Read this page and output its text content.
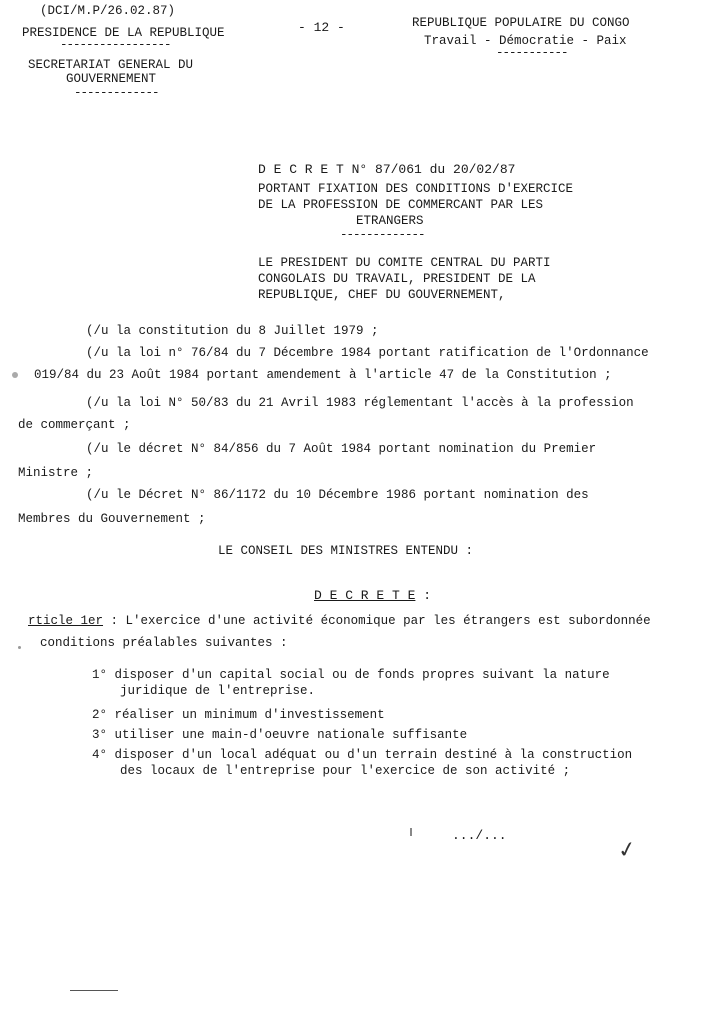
(DCI/M.P/26.02.87)
PRESIDENCE DE LA REPUBLIQUE
-----------------
SECRETARIAT GENERAL DU
GOUVERNEMENT
-------------
- 12 -	REPUBLIQUE POPULAIRE DU CONGO
Travail - Démocratie - Paix
-----------
D E C R E T N° 87/061 du 20/02/87
PORTANT FIXATION DES CONDITIONS D'EXERCICE
DE LA PROFESSION DE COMMERCANT PAR LES
ETRANGERS
-------------
LE PRESIDENT DU COMITE CENTRAL DU PARTI
CONGOLAIS DU TRAVAIL, PRESIDENT DE LA
REPUBLIQUE, CHEF DU GOUVERNEMENT,
(/u la constitution du 8 Juillet 1979 ;
(/u la loi n° 76/84 du 7 Décembre 1984 portant ratification de l'Ordonnance
019/84 du 23 Août 1984 portant amendement à l'article 47 de la Constitution ;
(/u la loi N° 50/83 du 21 Avril 1983 réglementant l'accès à la profession
de commerçant ;
(/u le décret N° 84/856 du 7 Août 1984 portant nomination du Premier
Ministre ;
(/u le Décret N° 86/1172 du 10 Décembre 1986 portant nomination des
Membres du Gouvernement ;
LE CONSEIL DES MINISTRES ENTENDU :
D E C R E T E :
rticle 1er : L'exercice d'une activité économique par les étrangers est subordonnée
conditions préalables suivantes :
1° disposer d'un capital social ou de fonds propres suivant la nature
juridique de l'entreprise.
2° réaliser un minimum d'investissement
3° utiliser une main-d'oeuvre nationale suffisante
4° disposer d'un local adéquat ou d'un terrain destiné à la construction
des locaux de l'entreprise pour l'exercice de son activité ;
.../...
✓
